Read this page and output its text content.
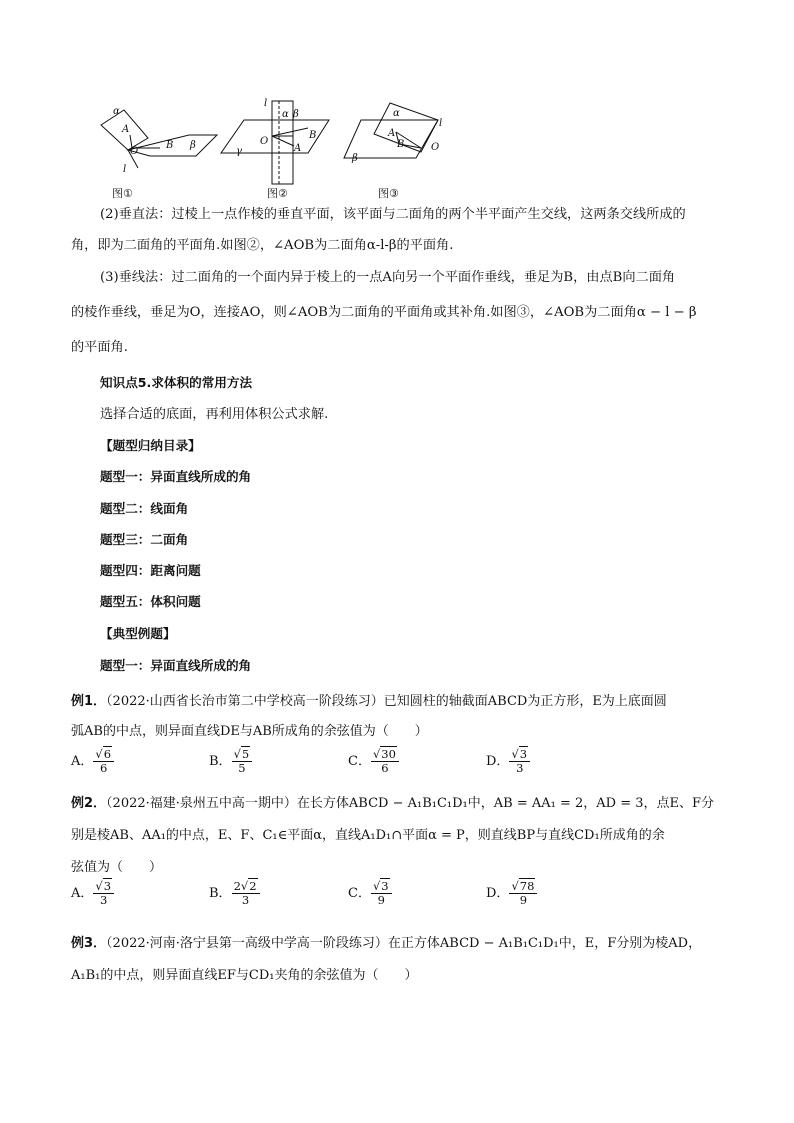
α
A
O
B β
l
l
α β
B
O
A
γ
α
l
A
B	O
β
图①	图②	图③
(2)垂直法：过棱上一点作棱的垂直平面，该平面与二面角的两个半平面产生交线，这两条交线所成的
角，即为二面角的平面角.如图②，∠AOB为二面角α-l-β的平面角.
(3)垂线法：过二面角的一个面内异于棱上的一点A向另一个平面作垂线，垂足为B，由点B向二面角
的棱作垂线，垂足为O，连接AO，则∠AOB为二面角的平面角或其补角.如图③，∠AOB为二面角α − l − β
的平面角.
知识点5.求体积的常用方法
选择合适的底面，再利用体积公式求解.
【题型归纳目录】
题型一：异面直线所成的角
题型二：线面角
题型三：二面角
题型四：距离问题
题型五：体积问题
【典型例题】
题型一：异面直线所成的角
例1．（2022·山西省长治市第二中学校高一阶段练习）已知圆柱的轴截面ABCD为正方形，E为上底面圆
弧AB的中点，则异面直线DE与AB所成角的余弦值为（　　）
A． $\frac{√6}{6}$	B． $\frac{√5}{5}$	C． $\frac{√30}{6}$	D． $\frac{√3}{3}$
例2．（2022·福建·泉州五中高一期中）在长方体ABCD − A₁B₁C₁D₁中，AB = AA₁ = 2，AD = 3，点E、F分
别是棱AB、AA₁的中点，E、F、C₁∈平面α，直线A₁D₁∩平面α = P，则直线BP与直线CD₁所成角的余
弦值为（　　）
A． $\frac{√3}{3}$	B． $\frac{2√2}{3}$	C． $\frac{√3}{9}$	D． $\frac{√78}{9}$
例3．（2022·河南·洛宁县第一高级中学高一阶段练习）在正方体ABCD − A₁B₁C₁D₁中，E，F分别为棱AD，
A₁B₁的中点，则异面直线EF与CD₁夹角的余弦值为（　　）
